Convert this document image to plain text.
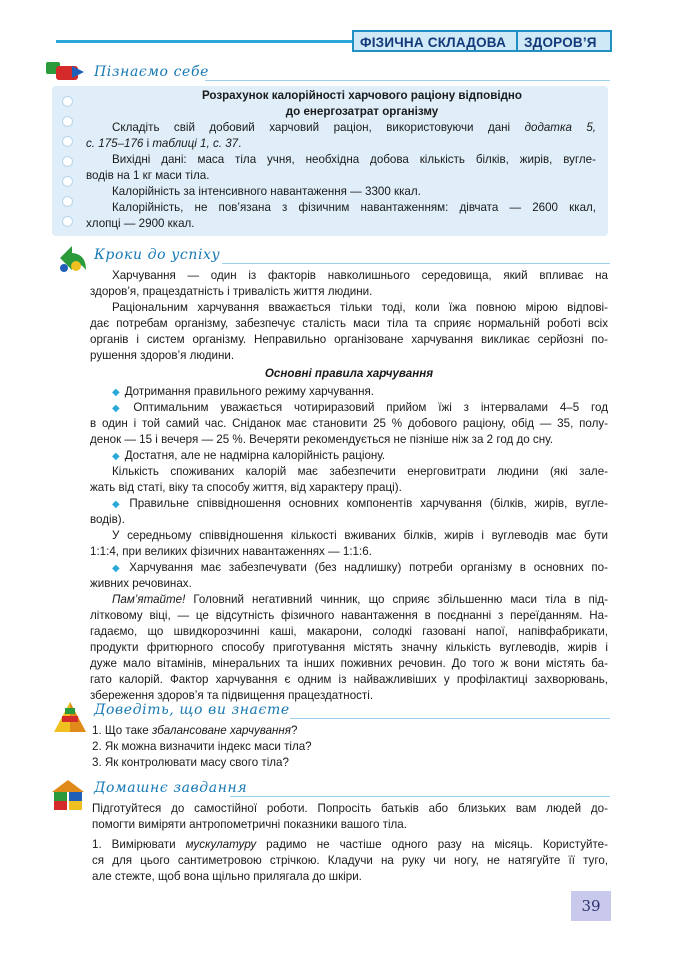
ФІЗИЧНА СКЛАДОВА	ЗДОРОВ’Я
Пізнаємо себе
Розрахунок калорійності харчового раціону відповідно
до енергозатрат організму
Складіть свій добовий харчовий раціон, використовуючи дані додатка 5,
с. 175–176 і таблиці 1, с. 37.
Вихідні дані: маса тіла учня, необхідна добова кількість білків, жирів, вугле-
водів на 1 кг маси тіла.
Калорійність за інтенсивного навантаження — 3300 ккал.
Калорійність, не пов’язана з фізичним навантаженням: дівчата — 2600 ккал,
хлопці — 2900 ккал.
Кроки до успіху
Харчування — один із факторів навколишнього середовища, який впливає на
здоров’я, працездатність і тривалість життя людини.
Раціональним харчування вважається тільки тоді, коли їжа повною мірою відпові-
дає потребам організму, забезпечує сталість маси тіла та сприяє нормальній роботі всіх
органів і систем організму. Неправильно організоване харчування викликає серйозні по-
рушення здоров’я людини.
Основні правила харчування
◆ Дотримання правильного режиму харчування.
◆ Оптимальним уважається чотириразовий прийом їжі з інтервалами 4–5 год
в один і той самий час. Сніданок має становити 25 % добового раціону, обід — 35, полу-
денок — 15 і вечеря — 25 %. Вечеряти рекомендується не пізніше ніж за 2 год до сну.
◆ Достатня, але не надмірна калорійність раціону.
Кількість споживаних калорій має забезпечити енерговитрати людини (які зале-
жать від статі, віку та способу життя, від характеру праці).
◆ Правильне співвідношення основних компонентів харчування (білків, жирів, вугле-
водів).
У середньому співвідношення кількості вживаних білків, жирів і вуглеводів має бути
1:1:4, при великих фізичних навантаженнях — 1:1:6.
◆ Харчування має забезпечувати (без надлишку) потреби організму в основних по-
живних речовинах.
Пам’ятайте! Головний негативний чинник, що сприяє збільшенню маси тіла в під-
літковому віці, — це відсутність фізичного навантаження в поєднанні з переїданням. На-
гадаємо, що швидкорозчинні каші, макарони, солодкі газовані напої, напівфабрикати,
продукти фритюрного способу приготування містять значну кількість вуглеводів, жирів і
дуже мало вітамінів, мінеральних та інших поживних речовин. До того ж вони містять ба-
гато калорій. Фактор харчування є одним із найважливіших у профілактиці захворювань,
збереження здоров’я та підвищення працездатності.
Доведіть, що ви знаєте
1. Що таке збалансоване харчування?
2. Як можна визначити індекс маси тіла?
3. Як контролювати масу свого тіла?
Домашнє завдання
Підготуйтеся до самостійної роботи. Попросіть батьків або близьких вам людей до-
помогти виміряти антропометричні показники вашого тіла.
1. Вимірювати мускулатуру радимо не частіше одного разу на місяць. Користуйте-
ся для цього сантиметровою стрічкою. Кладучи на руку чи ногу, не натягуйте її туго,
але стежте, щоб вона щільно прилягала до шкіри.
39
